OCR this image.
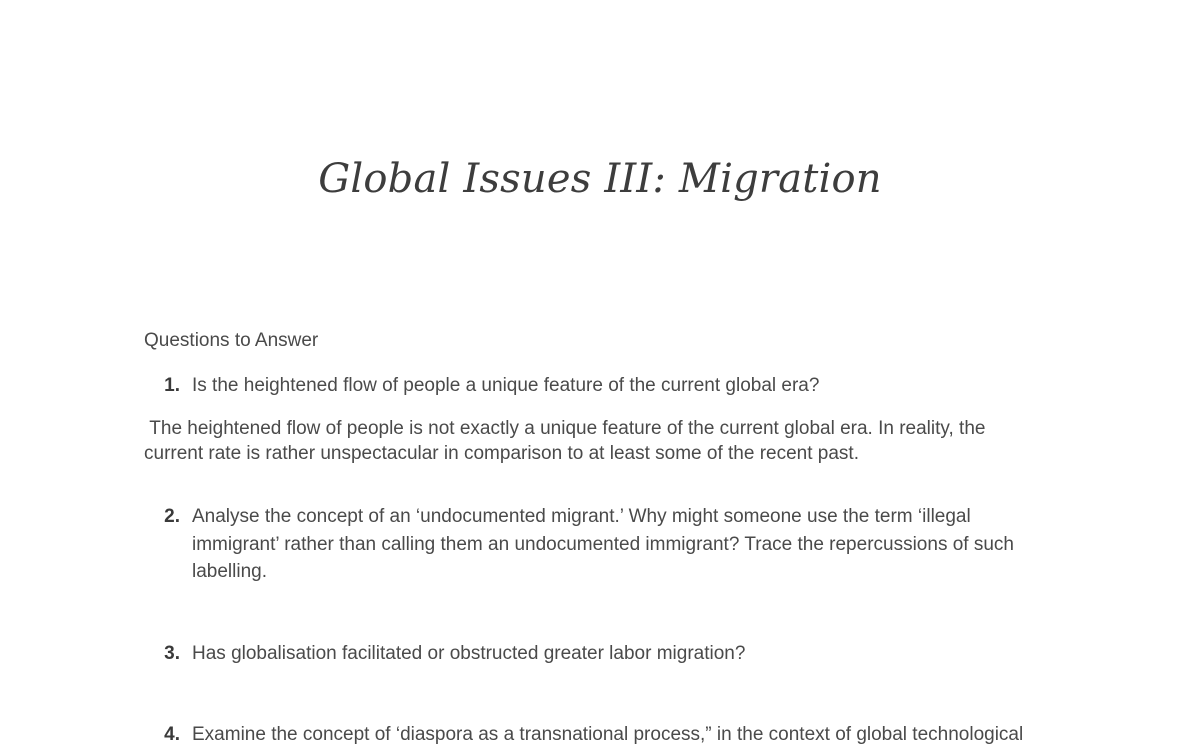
Global Issues III: Migration
Questions to Answer
1. Is the heightened flow of people a unique feature of the current global era?
The heightened flow of people is not exactly a unique feature of the current global era. In reality, the current rate is rather unspectacular in comparison to at least some of the recent past.
2. Analyse the concept of an ‘undocumented migrant.’ Why might someone use the term ‘illegal immigrant’ rather than calling them an undocumented immigrant? Trace the repercussions of such labelling.
3. Has globalisation facilitated or obstructed greater labor migration?
4. Examine the concept of ‘diaspora as a transnational process,” in the context of global technological
